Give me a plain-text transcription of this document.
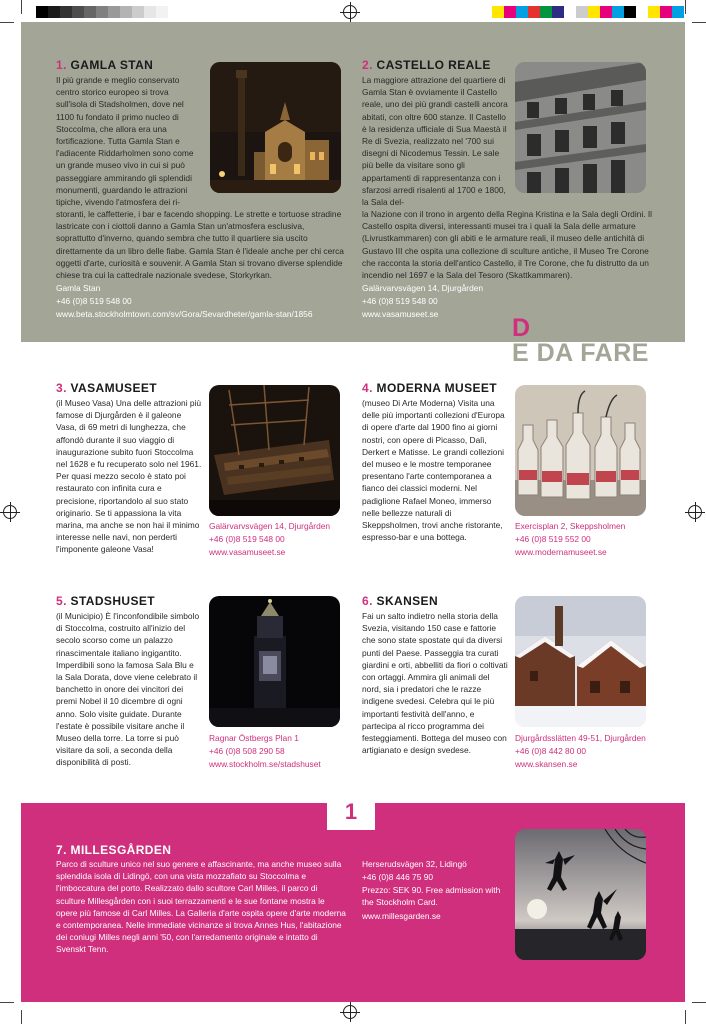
1
DA VEDERE
E DA FARE
1. GAMLA STAN
Il più grande e meglio conservato centro storico europeo si trova sull'isola di Stadsholmen, dove nel 1100 fu fondato il primo nucleo di Stoccolma, che allora era una fortificazione. Tutta Gamla Stan e l'adiacente Riddarholmen sono come un grande museo vivo in cui si può passeggiare ammirando gli splendidi monumenti, guardando le attrazioni tipiche, vivendo l'atmosfera dei ri-
storanti, le caffetterie, i bar e facendo shopping. Le strette e tortuose stradine lastricate con i ciottoli danno a Gamla Stan un'atmosfera esclusiva, soprattutto d'inverno, quando sembra che tutto il quartiere sia uscito direttamente da un libro delle fiabe. Gamla Stan è l'ideale anche per chi cerca oggetti d'arte, curiosità e souvenir. A Gamla Stan si trovano diverse splendide chiese tra cui la cattedrale nazionale svedese, Storkyrkan.
Gamla Stan
+46 (0)8 519 548 00
www.beta.stockholmtown.com/sv/Gora/Sevardheter/gamla-stan/1856
2. CASTELLO REALE
La maggiore attrazione del quartiere di Gamla Stan è ovviamente il Castello reale, uno dei più grandi castelli ancora abitati, con oltre 600 stanze. Il Castello è la residenza ufficiale di Sua Maestà il Re di Svezia, realizzato nel '700 sui disegni di Nicodemus Tessin. Le sale più belle da visitare sono gli appartamenti di rappresentanza con i sfarzosi arredi risalenti al 1700 e 1800, la Sala del-
la Nazione con il trono in argento della Regina Kristina e la Sala degli Ordini. Il Castello ospita diversi, interessanti musei tra i quali la Sala delle armature (Livrustkammaren) con gli abiti e le armature reali, il museo delle antichità di Gustavo III che ospita una collezione di sculture antiche, il Museo Tre Corone che racconta la storia dell'antico Castello, il Tre Corone, che fu distrutto da un incendio nel 1697 e la Sala del Tesoro (Skattkammaren).
Galärvarvsvägen 14, Djurgården
+46 (0)8 519 548 00
www.vasamuseet.se
3. VASAMUSEET
(il Museo Vasa) Una delle attrazioni più famose di Djurgården è il galeone Vasa, di 69 metri di lunghezza, che affondò durante il suo viaggio di inaugurazione subito fuori Stoccolma nel 1628 e fu recuperato solo nel 1961. Per quasi mezzo secolo è stato poi restaurato con infinita cura e precisione, riportandolo al suo stato originario. Se ti appassiona la vita marina, ma anche se non hai il minimo interesse nelle navi, non perderti l'imponente galeone Vasa!
Galärvarvsvägen 14, Djurgården
+46 (0)8 519 548 00
www.vasamuseet.se
4. MODERNA MUSEET
(museo Di Arte Moderna) Visita una delle più importanti collezioni d'Europa di opere d'arte dal 1900 fino ai giorni nostri, con opere di Picasso, Dalì, Derkert e Matisse. Le grandi collezioni del museo e le mostre temporanee presentano l'arte contemporanea a fianco dei classici moderni. Nel padiglione Rafael Moneo, immerso nelle bellezze naturali di Skeppsholmen, trovi anche ristorante, espresso-bar e una bottega.
Exercisplan 2, Skeppsholmen
+46 (0)8 519 552 00
www.modernamuseet.se
5. STADSHUSET
(il Municipio) È l'inconfondibile simbolo di Stoccolma, costruito all'inizio del secolo scorso come un palazzo rinascimentale italiano ingigantito. Imperdibili sono la famosa Sala Blu e la Sala Dorata, dove viene celebrato il banchetto in onore dei vincitori dei premi Nobel il 10 dicembre di ogni anno. Solo visite guidate. Durante l'estate è possibile visitare anche il Museo della torre. La torre si può visitare da soli, a seconda della disponibilità di posti.
Ragnar Östbergs Plan 1
+46 (0)8 508 290 58
www.stockholm.se/stadshuset
6. SKANSEN
Fai un salto indietro nella storia della Svezia, visitando 150 case e fattorie che sono state spostate qui da diversi punti del Paese. Passeggia tra curati giardini e orti, abbelliti da fiori o coltivati con ortaggi. Ammira gli animali del nord, sia i predatori che le razze indigene svedesi. Celebra qui le più importanti festività dell'anno, e partecipa al ricco programma dei festeggiamenti. Bottega del museo con artigianato e design svedese.
Djurgårdsslätten 49-51, Djurgården
+46 (0)8 442 80 00
www.skansen.se
7. MILLESGÅRDEN
Parco di sculture unico nel suo genere e affascinante, ma anche museo sulla splendida isola di Lidingö, con una vista mozzafiato su Stoccolma e l'imboccatura del porto. Realizzato dallo scultore Carl Milles, il parco di sculture Millesgården con i suoi terrazzamenti e le sue fontane mostra le opere più famose di Carl Milles. La Galleria d'arte ospita opere d'arte moderna e contemporanea. Nelle immediate vicinanze si trova Annes Hus, l'abitazione dei coniugi Milles negli anni '50, con l'arredamento originale e intatto di Svenskt Tenn.
Herserudsvägen 32, Lidingö
+46 (0)8 446 75 90
Prezzo: SEK 90. Free admission with the Stockholm Card.
www.millesgarden.se
